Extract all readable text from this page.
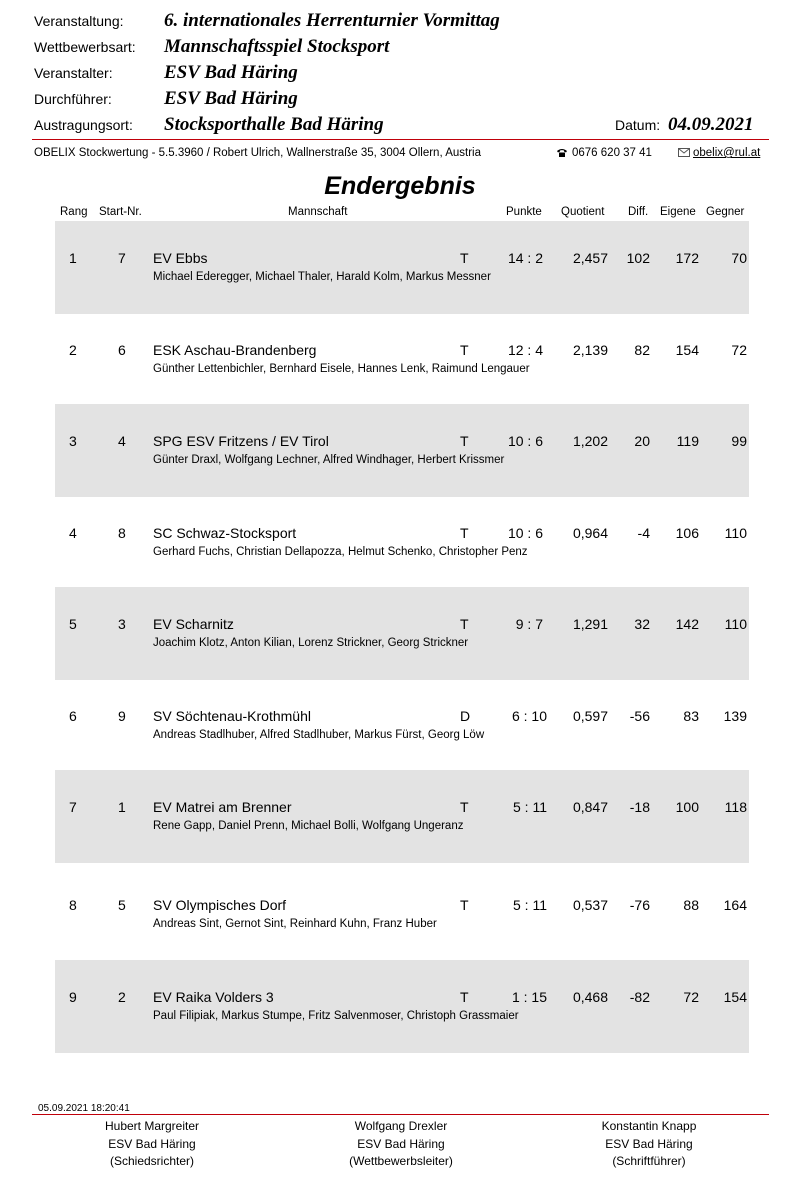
Veranstaltung: 6. internationales Herrenturnier Vormittag
Wettbewerbsart: Mannschaftsspiel Stocksport
Veranstalter:	ESV Bad Häring
Durchführer:	ESV Bad Häring
Austragungsort: Stocksporthalle Bad Häring	Datum: 04.09.2021
OBELIX Stockwertung - 5.5.3960 / Robert Ulrich, Wallnerstraße 35, 3004 Ollern, Austria	0676 620 37 41	obelix@rul.at
Endergebnis
Rang Start-Nr.	Mannschaft	Punkte Quotient Diff. Eigene Gegner
1	7 EV Ebbs	T	14 : 2 2,457 102 172 70
Michael Ederegger, Michael Thaler, Harald Kolm, Markus Messner
2	6 ESK Aschau-Brandenberg	T	12 : 4 2,139 82 154 72
Günther Lettenbichler, Bernhard Eisele, Hannes Lenk, Raimund Lengauer
3	4 SPG ESV Fritzens / EV Tirol	T	10 : 6 1,202 20 119 99
Günter Draxl, Wolfgang Lechner, Alfred Windhager, Herbert Krissmer
4	8 SC Schwaz-Stocksport	T	10 : 6 0,964 -4 106 110
Gerhard Fuchs, Christian Dellapozza, Helmut Schenko, Christopher Penz
5	3 EV Scharnitz	T	9 : 7 1,291 32 142 110
Joachim Klotz, Anton Kilian, Lorenz Strickner, Georg Strickner
6	9 SV Söchtenau-Krothmühl	D	6 : 10 0,597 -56 83 139
Andreas Stadlhuber, Alfred Stadlhuber, Markus Fürst, Georg Löw
7	1 EV Matrei am Brenner	T	5 : 11 0,847 -18 100 118
Rene Gapp, Daniel Prenn, Michael Bolli, Wolfgang Ungeranz
8	5 SV Olympisches Dorf	T	5 : 11 0,537 -76 88 164
Andreas Sint, Gernot Sint, Reinhard Kuhn, Franz Huber
9	2 EV Raika Volders 3	T	1 : 15 0,468 -82 72 154
Paul Filipiak, Markus Stumpe, Fritz Salvenmoser, Christoph Grassmaier
05.09.2021 18:20:41
Hubert Margreiter
ESV Bad Häring
(Schiedsrichter)
Wolfgang Drexler
ESV Bad Häring
(Wettbewerbsleiter)
Konstantin Knapp
ESV Bad Häring
(Schriftführer)
